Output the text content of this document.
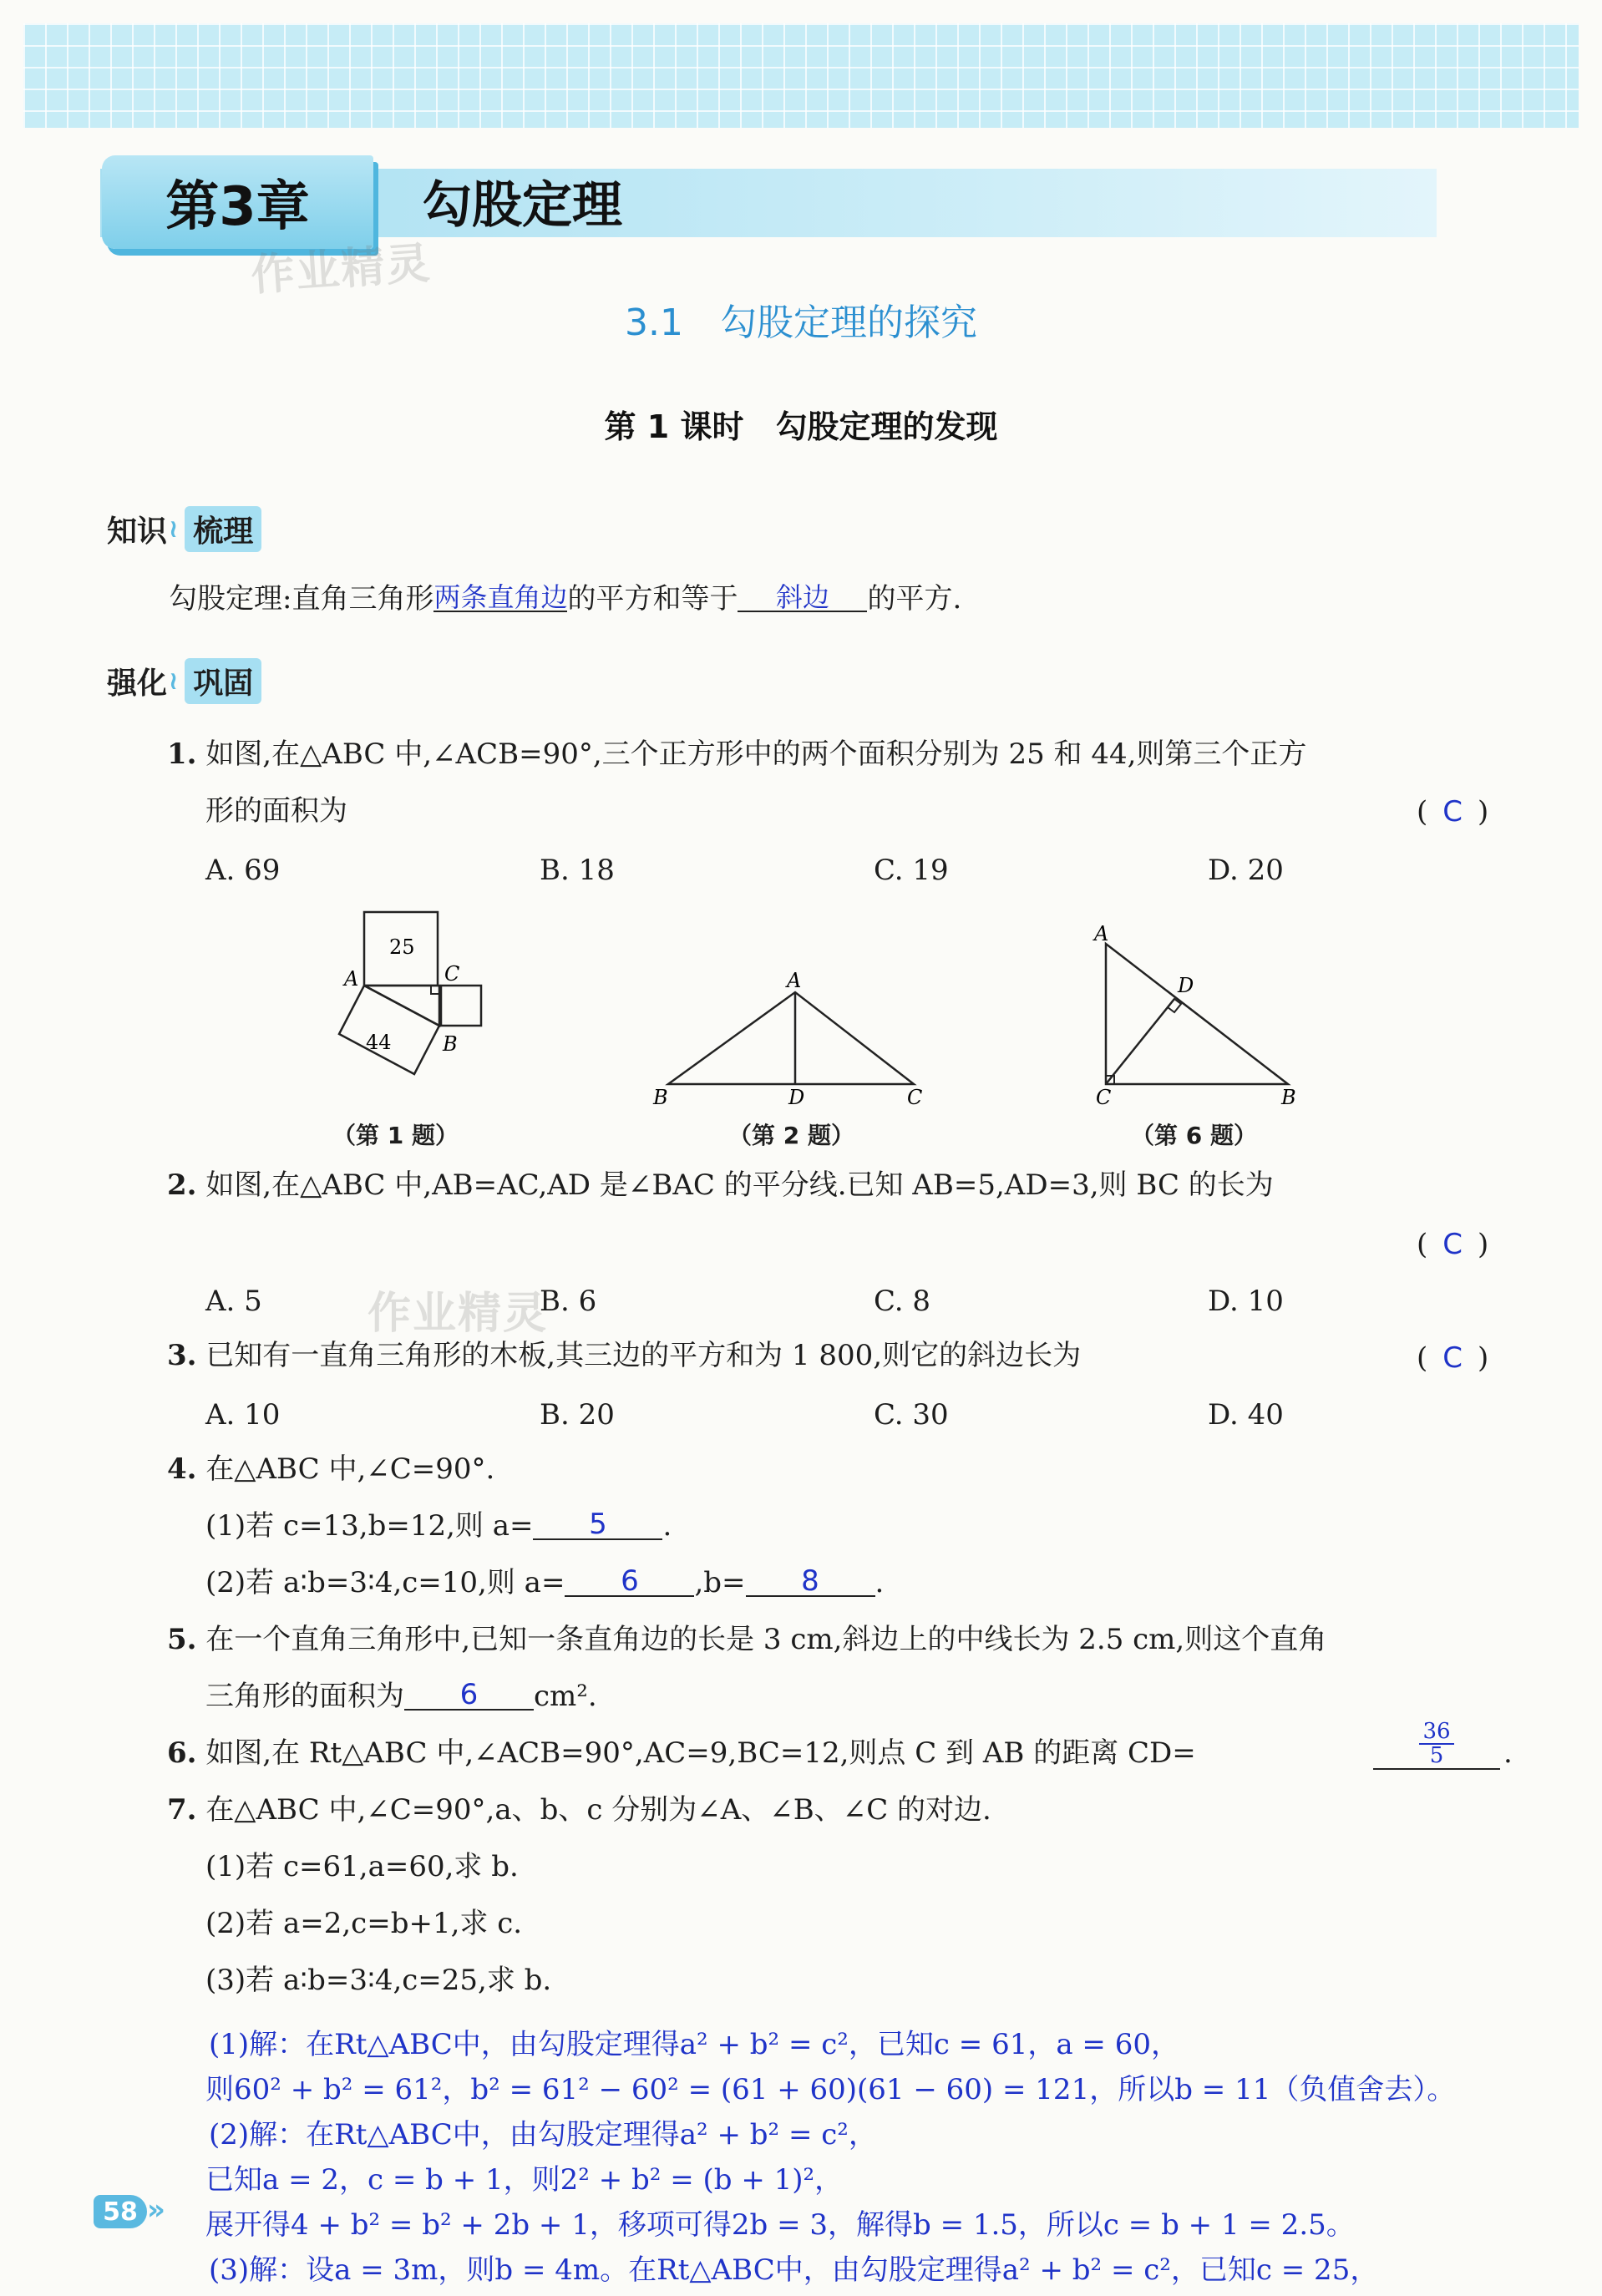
第3章	勾股定理
作业精灵
3.1　勾股定理的探究
第 1 课时　勾股定理的发现
知识 ≀ 梳理
勾股定理:直角三角形两条直角边的平方和等于 斜边 的平方.
强化 ≀ 巩固
1. 如图,在△ABC 中,∠ACB=90°,三个正方形中的两个面积分别为 25 和 44,则第三个正方
形的面积为	( C )
A. 69	B. 18	C. 19	D. 20
25
44
A	C
B
（第 1 题）
A
B	D	C
（第 2 题）
A
D
C	B
（第 6 题）
2. 如图,在△ABC 中,AB=AC,AD 是∠BAC 的平分线.已知 AB=5,AD=3,则 BC 的长为
( C )
A. 5	B. 6	C. 8	D. 10
作业精灵
3. 已知有一直角三角形的木板,其三边的平方和为 1 800,则它的斜边长为	( C )
A. 10	B. 20	C. 30	D. 40
4. 在△ABC 中,∠C=90°.
(1)若 c=13,b=12,则 a= 5 .
(2)若 a∶b=3∶4,c=10,则 a= 6 ,b= 8 .
5. 在一个直角三角形中,已知一条直角边的长是 3 cm,斜边上的中线长为 2.5 cm,则这个直角
三角形的面积为 6 cm².
6. 如图,在 Rt△ABC 中,∠ACB=90°,AC=9,BC=12,则点 C 到 AB 的距离 CD=	$\frac{36}{5}$ .
7. 在△ABC 中,∠C=90°,a、b、c 分别为∠A、∠B、∠C 的对边.
(1)若 c=61,a=60,求 b.
(2)若 a=2,c=b+1,求 c.
(3)若 a∶b=3∶4,c=25,求 b.
(1)解：在Rt△ABC中，由勾股定理得a² + b² = c²，已知c = 61，a = 60，
则60² + b² = 61²，b² = 61² − 60² = (61 + 60)(61 − 60) = 121，所以b = 11（负值舍去）。
(2)解：在Rt△ABC中，由勾股定理得a² + b² = c²，
已知a = 2，c = b + 1，则2² + b² = (b + 1)²，
展开得4 + b² = b² + 2b + 1，移项可得2b = 3，解得b = 1.5，所以c = b + 1 = 2.5。
(3)解：设a = 3m，则b = 4m。在Rt△ABC中，由勾股定理得a² + b² = c²，已知c = 25，
58 »
